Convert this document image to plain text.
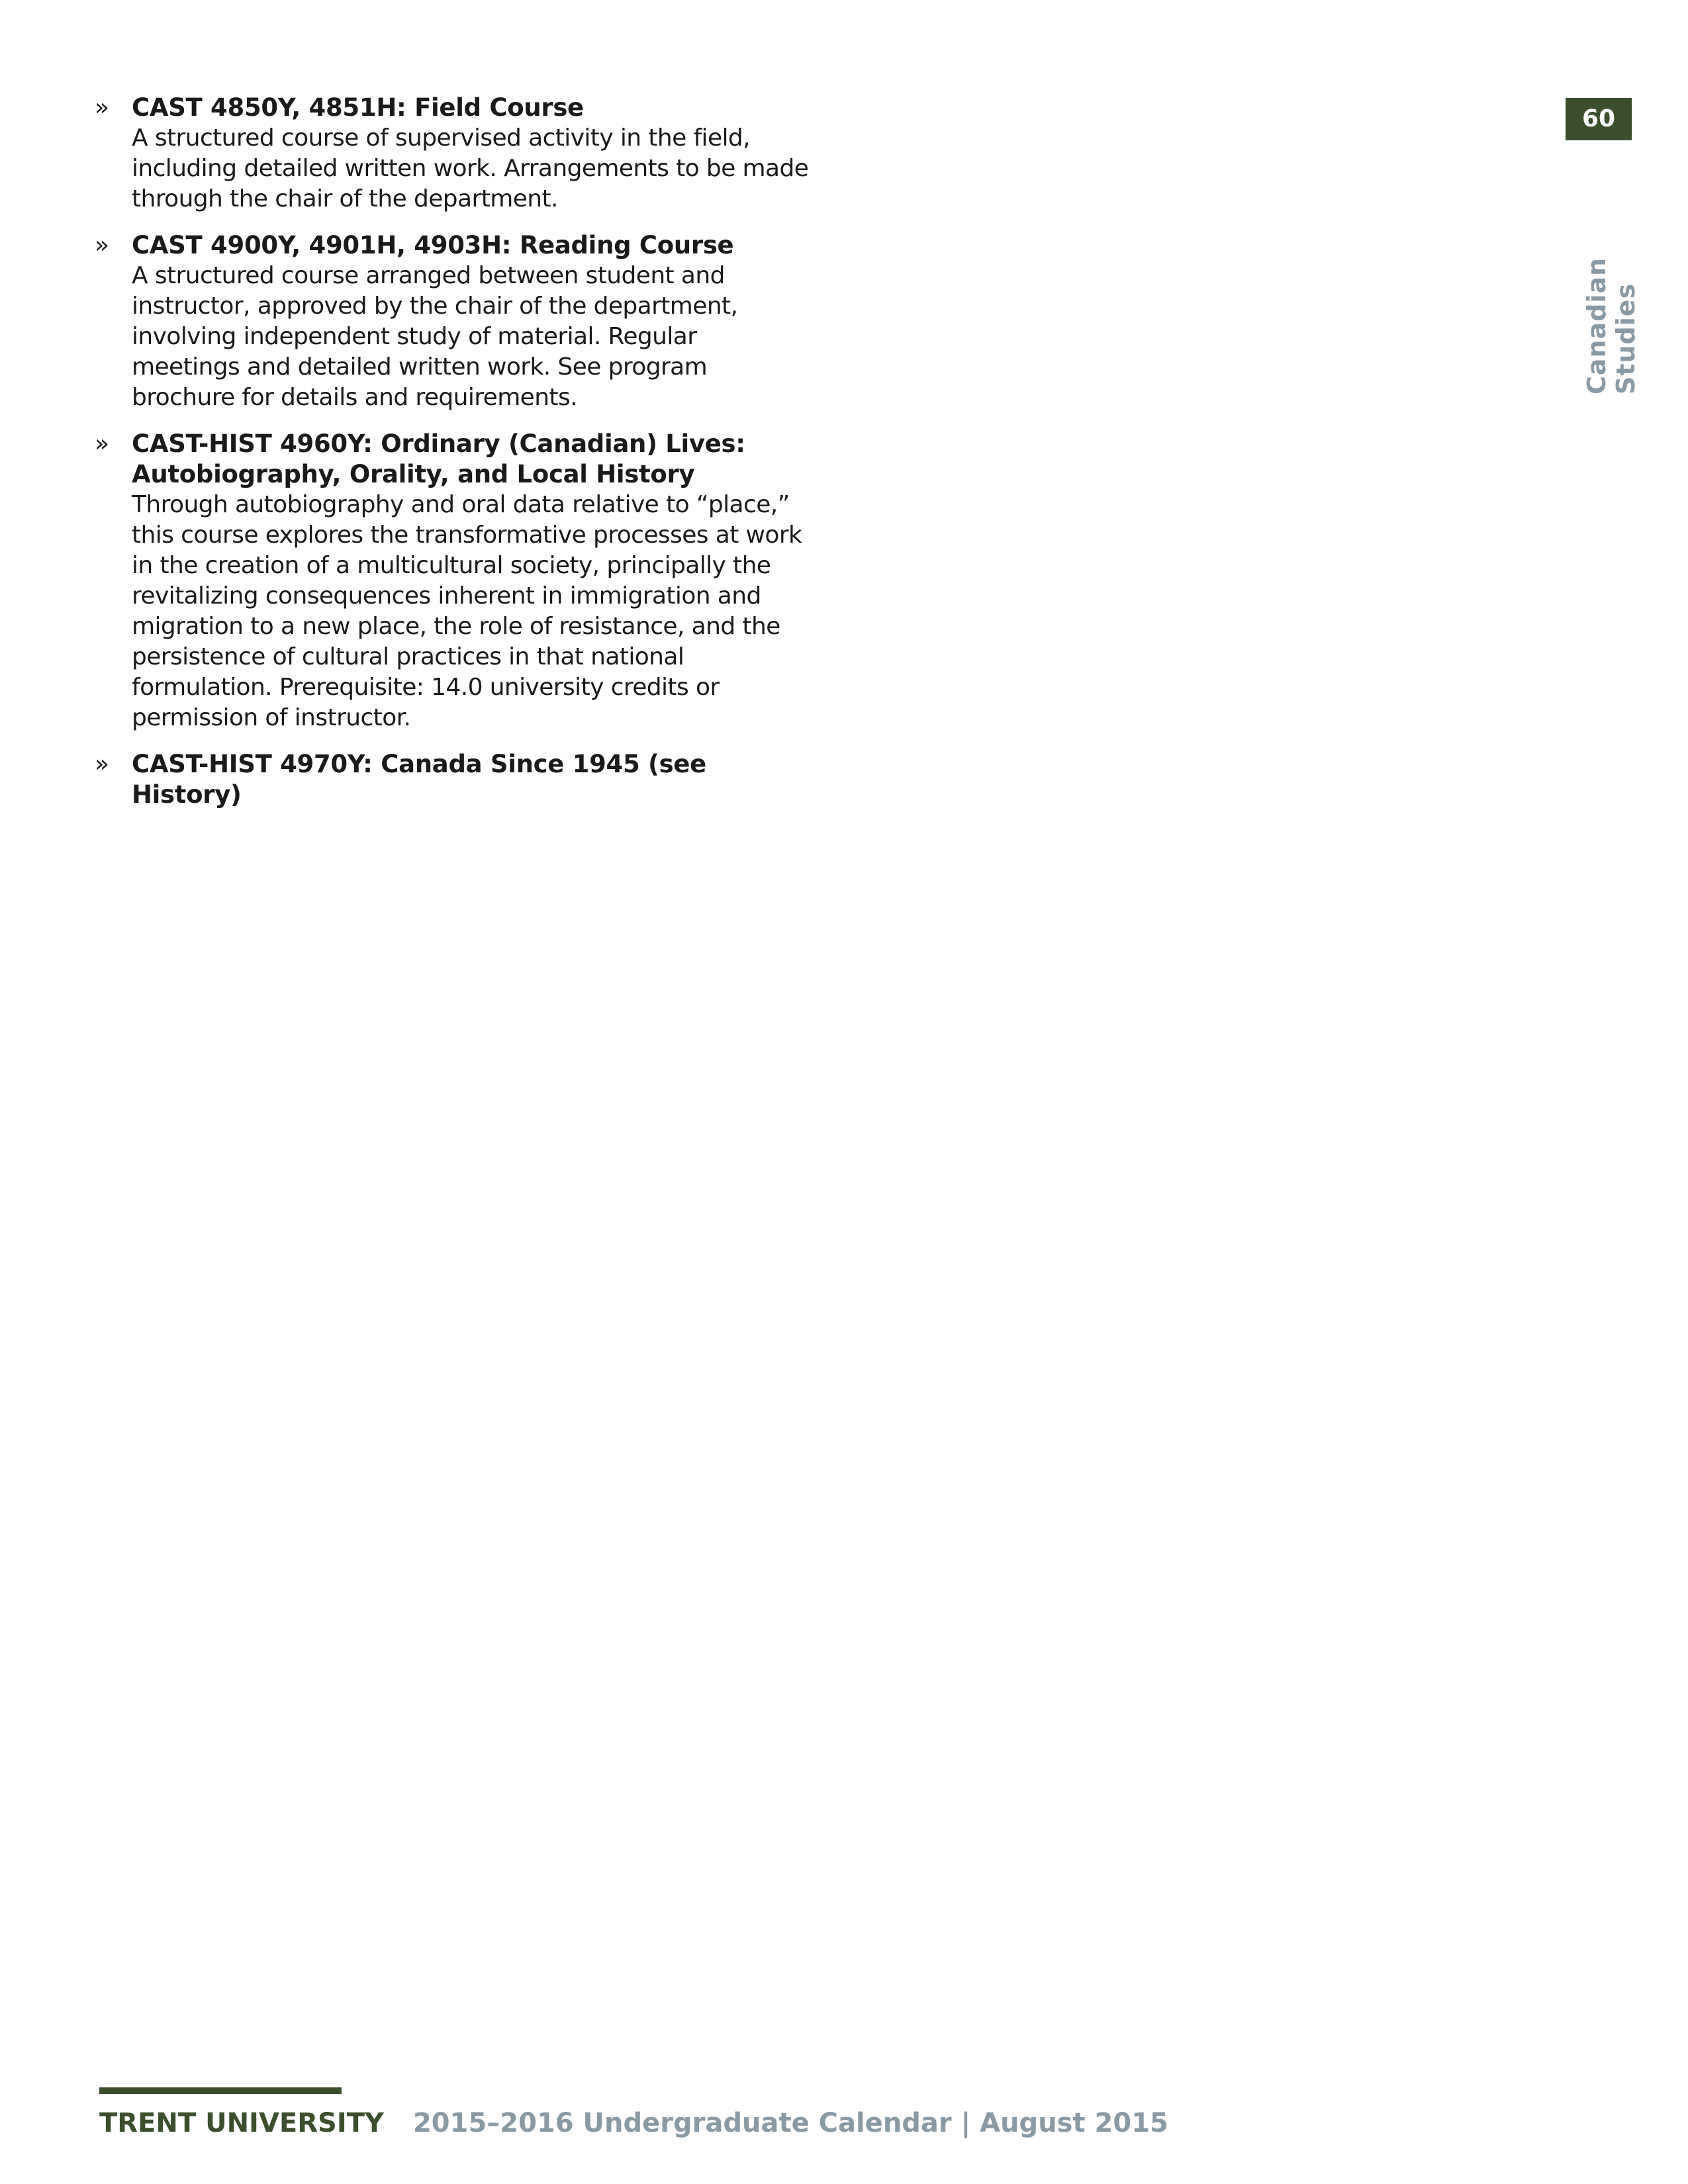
» CAST 4850Y, 4851H: Field Course
A structured course of supervised activity in the field, including detailed written work. Arrangements to be made through the chair of the department.
» CAST 4900Y, 4901H, 4903H: Reading Course
A structured course arranged between student and instructor, approved by the chair of the department, involving independent study of material. Regular meetings and detailed written work. See program brochure for details and requirements.
» CAST-HIST 4960Y: Ordinary (Canadian) Lives: Autobiography, Orality, and Local History
Through autobiography and oral data relative to “place,” this course explores the transformative processes at work in the creation of a multicultural society, principally the revitalizing consequences inherent in immigration and migration to a new place, the role of resistance, and the persistence of cultural practices in that national formulation. Prerequisite: 14.0 university credits or permission of instructor.
» CAST-HIST 4970Y: Canada Since 1945 (see History)
60
Canadian Studies
TRENT UNIVERSITY 2015–2016 Undergraduate Calendar | August 2015
